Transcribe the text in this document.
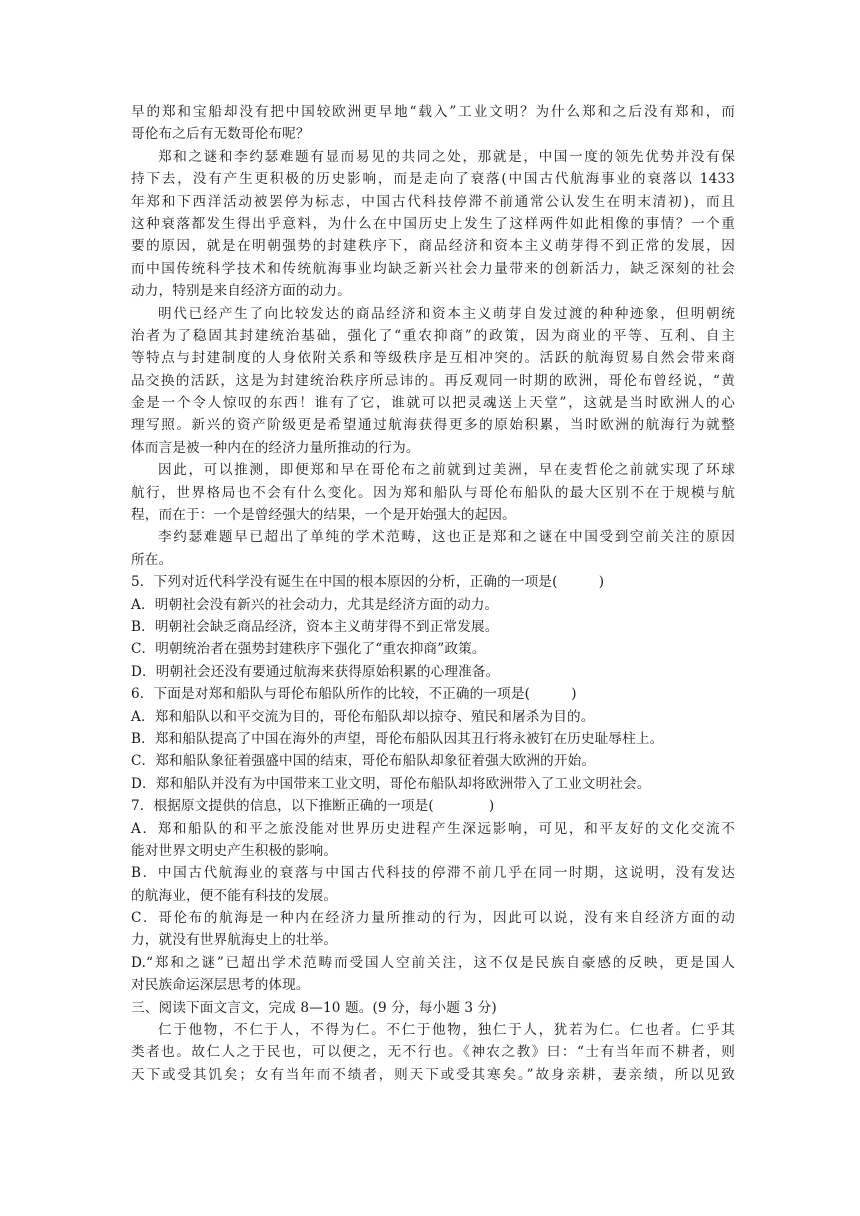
早的郑和宝船却没有把中国较欧洲更早地“载入”工业文明？为什么郑和之后没有郑和，而
哥伦布之后有无数哥伦布呢？
郑和之谜和李约瑟难题有显而易见的共同之处，那就是，中国一度的领先优势并没有保
持下去，没有产生更积极的历史影响，而是走向了衰落(中国古代航海事业的衰落以 1433
年郑和下西洋活动被罢停为标志，中国古代科技停滞不前通常公认发生在明末清初)，而且
这种衰落都发生得出乎意料，为什么在中国历史上发生了这样两件如此相像的事情？一个重
要的原因，就是在明朝强势的封建秩序下，商品经济和资本主义萌芽得不到正常的发展，因
而中国传统科学技术和传统航海事业均缺乏新兴社会力量带来的创新活力，缺乏深刻的社会
动力，特别是来自经济方面的动力。
明代已经产生了向比较发达的商品经济和资本主义萌芽自发过渡的种种迹象，但明朝统
治者为了稳固其封建统治基础，强化了“重农抑商”的政策，因为商业的平等、互利、自主
等特点与封建制度的人身依附关系和等级秩序是互相冲突的。活跃的航海贸易自然会带来商
品交换的活跃，这是为封建统治秩序所忌讳的。再反观同一时期的欧洲，哥伦布曾经说，“黄
金是一个令人惊叹的东西！谁有了它，谁就可以把灵魂送上天堂”，这就是当时欧洲人的心
理写照。新兴的资产阶级更是希望通过航海获得更多的原始积累，当时欧洲的航海行为就整
体而言是被一种内在的经济力量所推动的行为。
因此，可以推测，即便郑和早在哥伦布之前就到过美洲，早在麦哲伦之前就实现了环球
航行，世界格局也不会有什么变化。因为郑和船队与哥伦布船队的最大区别不在于规模与航
程，而在于：一个是曾经强大的结果，一个是开始强大的起因。
李约瑟难题早已超出了单纯的学术范畴，这也正是郑和之谜在中国受到空前关注的原因
所在。
5．下列对近代科学没有诞生在中国的根本原因的分析，正确的一项是(　　　)
A．明朝社会没有新兴的社会动力，尤其是经济方面的动力。
B．明朝社会缺乏商品经济，资本主义萌芽得不到正常发展。
C．明朝统治者在强势封建秩序下强化了“重农抑商”政策。
D．明朝社会还没有要通过航海来获得原始积累的心理准备。
6．下面是对郑和船队与哥伦布船队所作的比较，不正确的一项是(　　　)
A．郑和船队以和平交流为目的，哥伦布船队却以掠夺、殖民和屠杀为目的。
B．郑和船队提高了中国在海外的声望，哥伦布船队因其丑行将永被钉在历史耻辱柱上。
C．郑和船队象征着强盛中国的结束，哥伦布船队却象征着强大欧洲的开始。
D．郑和船队并没有为中国带来工业文明，哥伦布船队却将欧洲带入了工业文明社会。
7．根据原文提供的信息，以下推断正确的一项是(　　　　)
A．郑和船队的和平之旅没能对世界历史进程产生深远影响，可见，和平友好的文化交流不
能对世界文明史产生积极的影响。
B．中国古代航海业的衰落与中国古代科技的停滞不前几乎在同一时期，这说明，没有发达
的航海业，便不能有科技的发展。
C．哥伦布的航海是一种内在经济力量所推动的行为，因此可以说，没有来自经济方面的动
力，就没有世界航海史上的壮举。
D.“郑和之谜”已超出学术范畴而受国人空前关注，这不仅是民族自豪感的反映，更是国人
对民族命运深层思考的体现。
三、阅读下面文言文，完成 8—10 题。(9 分，每小题 3 分)
仁于他物，不仁于人，不得为仁。不仁于他物，独仁于人，犹若为仁。仁也者。仁乎其
类者也。故仁人之于民也，可以便之，无不行也。《神农之教》曰：“士有当年而不耕者，则
天下或受其饥矣；女有当年而不绩者，则天下或受其寒矣。”故身亲耕，妻亲绩，所以见致
